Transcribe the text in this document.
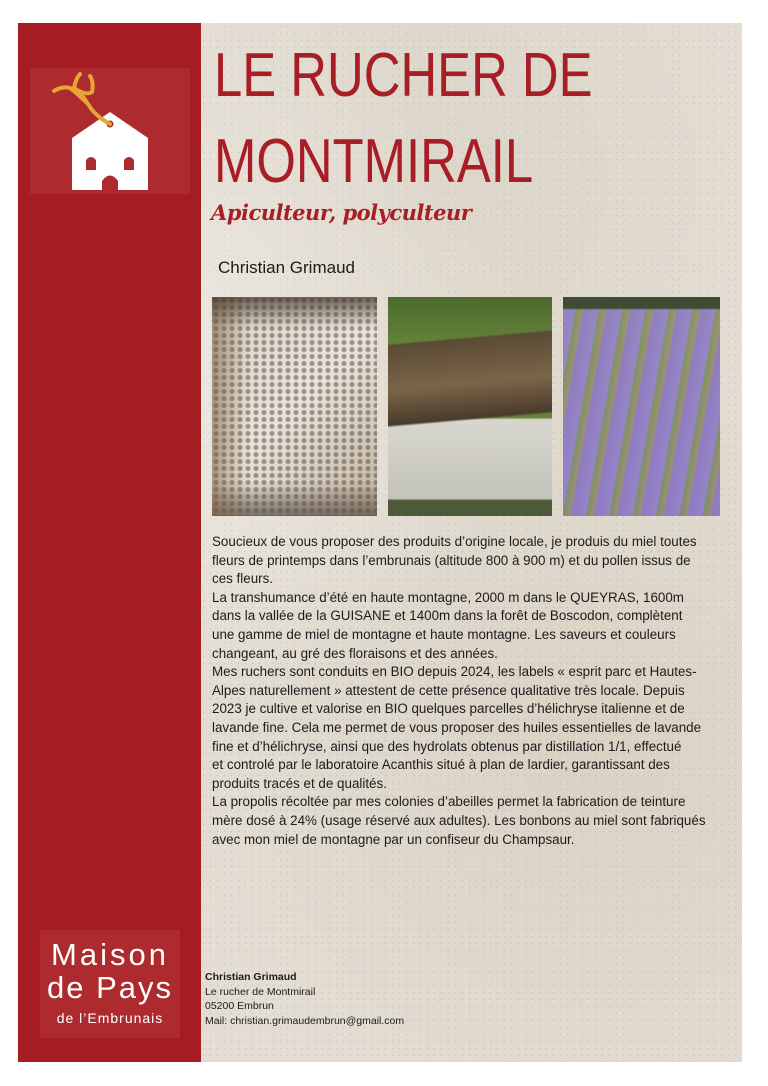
Maison
de Pays
de l’Embrunais
LE RUCHER DE
MONTMIRAIL
Apiculteur, polyculteur
Christian Grimaud

Soucieux de vous proposer des produits d’origine locale, je produis du miel toutes

fleurs de printemps dans l’embrunais (altitude 800 à 900 m) et du pollen issus de

ces fleurs.

La transhumance d’été en haute montagne, 2000 m dans le QUEYRAS, 1600m

dans la vallée de la GUISANE et 1400m dans la forêt de Boscodon, complètent

une gamme de miel de montagne et haute montagne. Les saveurs et couleurs

changeant, au gré des floraisons et des années.

Mes ruchers sont conduits en BIO depuis 2024, les labels « esprit parc et Hautes-

Alpes naturellement » attestent de cette présence qualitative très locale. Depuis

2023 je cultive et valorise en BIO quelques parcelles d’hélichryse italienne et de

lavande fine. Cela me permet de vous proposer des huiles essentielles de lavande

fine et d’hélichryse, ainsi que des hydrolats obtenus par distillation 1/1, effectué

et controlé par le laboratoire Acanthis situé à plan de lardier, garantissant des

produits tracés et de qualités.

La propolis récoltée par mes colonies d’abeilles permet la fabrication de teinture

mère dosé à 24% (usage réservé aux adultes). Les bonbons au miel sont fabriqués

avec mon miel de montagne par un confiseur du Champsaur.

Christian Grimaud
Le rucher de Montmirail
05200 Embrun
Mail: christian.grimaudembrun@gmail.com
